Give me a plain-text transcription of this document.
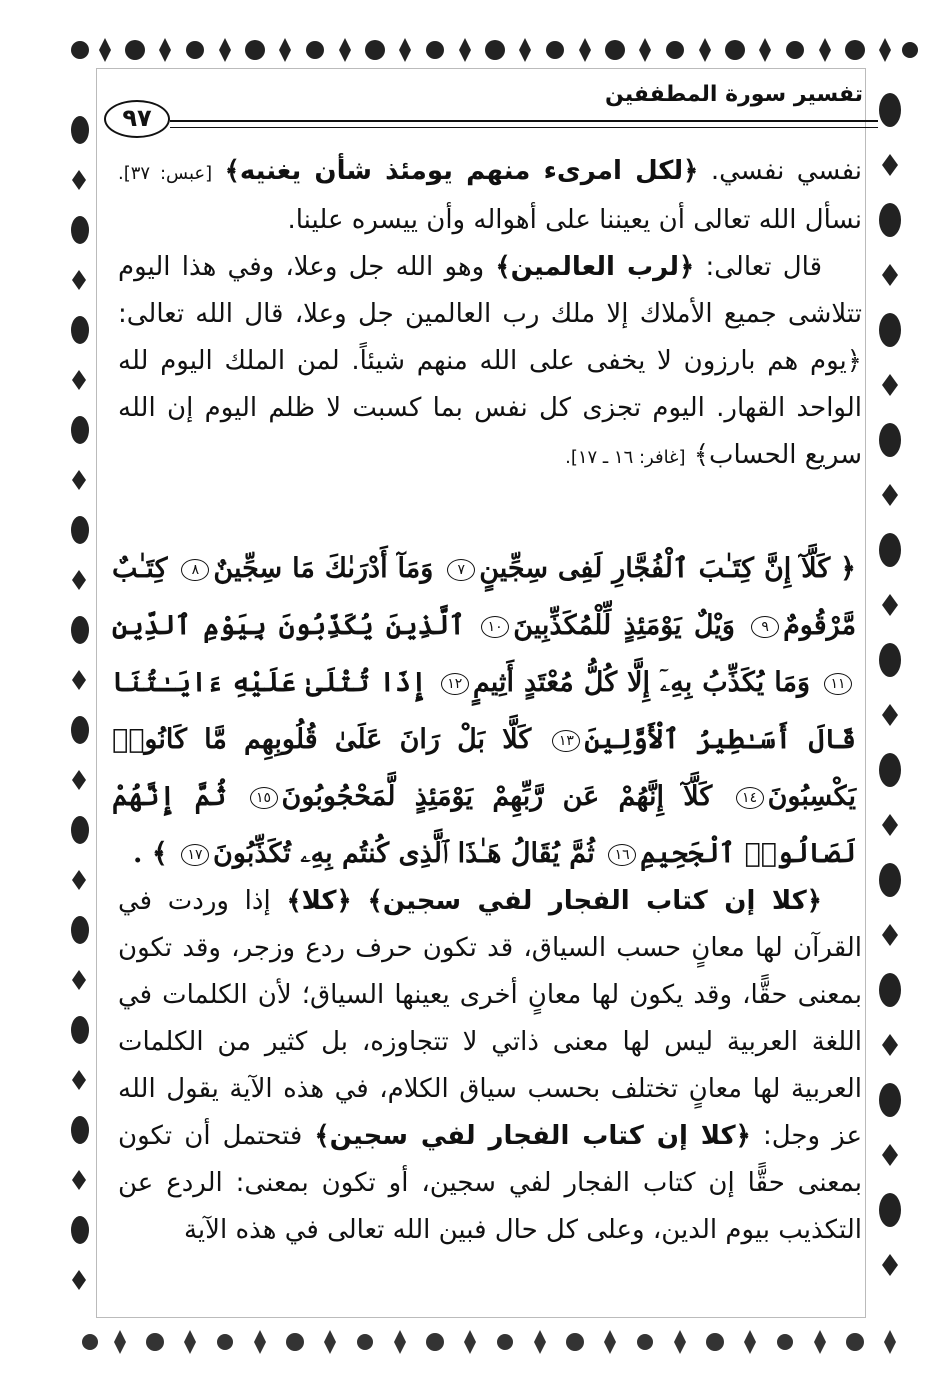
تفسير سورة المطففين
٩٧

نفسي نفسي. ﴿لكل امرىء منهم يومئذ شأن يغنيه﴾ [عبس: ٣٧]. نسأل الله تعالى أن يعيننا على أهواله وأن ييسره علينا.

قال تعالى: ﴿لرب العالمين﴾ وهو الله جل وعلا، وفي هذا اليوم تتلاشى جميع الأملاك إلا ملك رب العالمين جل وعلا، قال الله تعالى: ﴿يوم هم بارزون لا يخفى على الله منهم شيئاً. لمن الملك اليوم لله الواحد القهار. اليوم تجزى كل نفس بما كسبت لا ظلم اليوم إن الله سريع الحساب﴾ [غافر: ١٦ ـ ١٧].

﴿ كَلَّآ إِنَّ كِتَـٰبَ ٱلْفُجَّارِ لَفِى سِجِّينٍ٧ وَمَآ أَدْرَىٰكَ مَا سِجِّينٌ٨ كِتَـٰبٌ مَّرْقُومٌ٩ وَيْلٌ يَوْمَئِذٍ لِّلْمُكَذِّبِينَ١٠ ٱلَّذِينَ يُكَذِّبُونَ بِيَوْمِ ٱلدِّينِ١١ وَمَا يُكَذِّبُ بِهِۦٓ إِلَّا كُلُّ مُعْتَدٍ أَثِيمٍ١٢ إِذَا تُتْلَىٰ عَلَيْهِ ءَايَـٰتُنَا قَالَ أَسَـٰطِيرُ ٱلْأَوَّلِينَ١٣ كَلَّا بَلْ رَانَ عَلَىٰ قُلُوبِهِم مَّا كَانُوا۟ يَكْسِبُونَ١٤ كَلَّآ إِنَّهُمْ عَن رَّبِّهِمْ يَوْمَئِذٍ لَّمَحْجُوبُونَ١٥ ثُمَّ إِنَّهُمْ لَصَالُوا۟ ٱلْجَحِيمِ١٦ ثُمَّ يُقَالُ هَـٰذَا ٱلَّذِى كُنتُم بِهِۦ تُكَذِّبُونَ١٧ ﴾ .

﴿كلا إن كتاب الفجار لفي سجين﴾ ﴿كلا﴾ إذا وردت في القرآن لها معانٍ حسب السياق، قد تكون حرف ردع وزجر، وقد تكون بمعنى حقًّا، وقد يكون لها معانٍ أخرى يعينها السياق؛ لأن الكلمات في اللغة العربية ليس لها معنى ذاتي لا تتجاوزه، بل كثير من الكلمات العربية لها معانٍ تختلف بحسب سياق الكلام، في هذه الآية يقول الله عز وجل: ﴿كلا إن كتاب الفجار لفي سجين﴾ فتحتمل أن تكون بمعنى حقًّا إن كتاب الفجار لفي سجين، أو تكون بمعنى: الردع عن التكذيب بيوم الدين، وعلى كل حال فبين الله تعالى في هذه الآية
